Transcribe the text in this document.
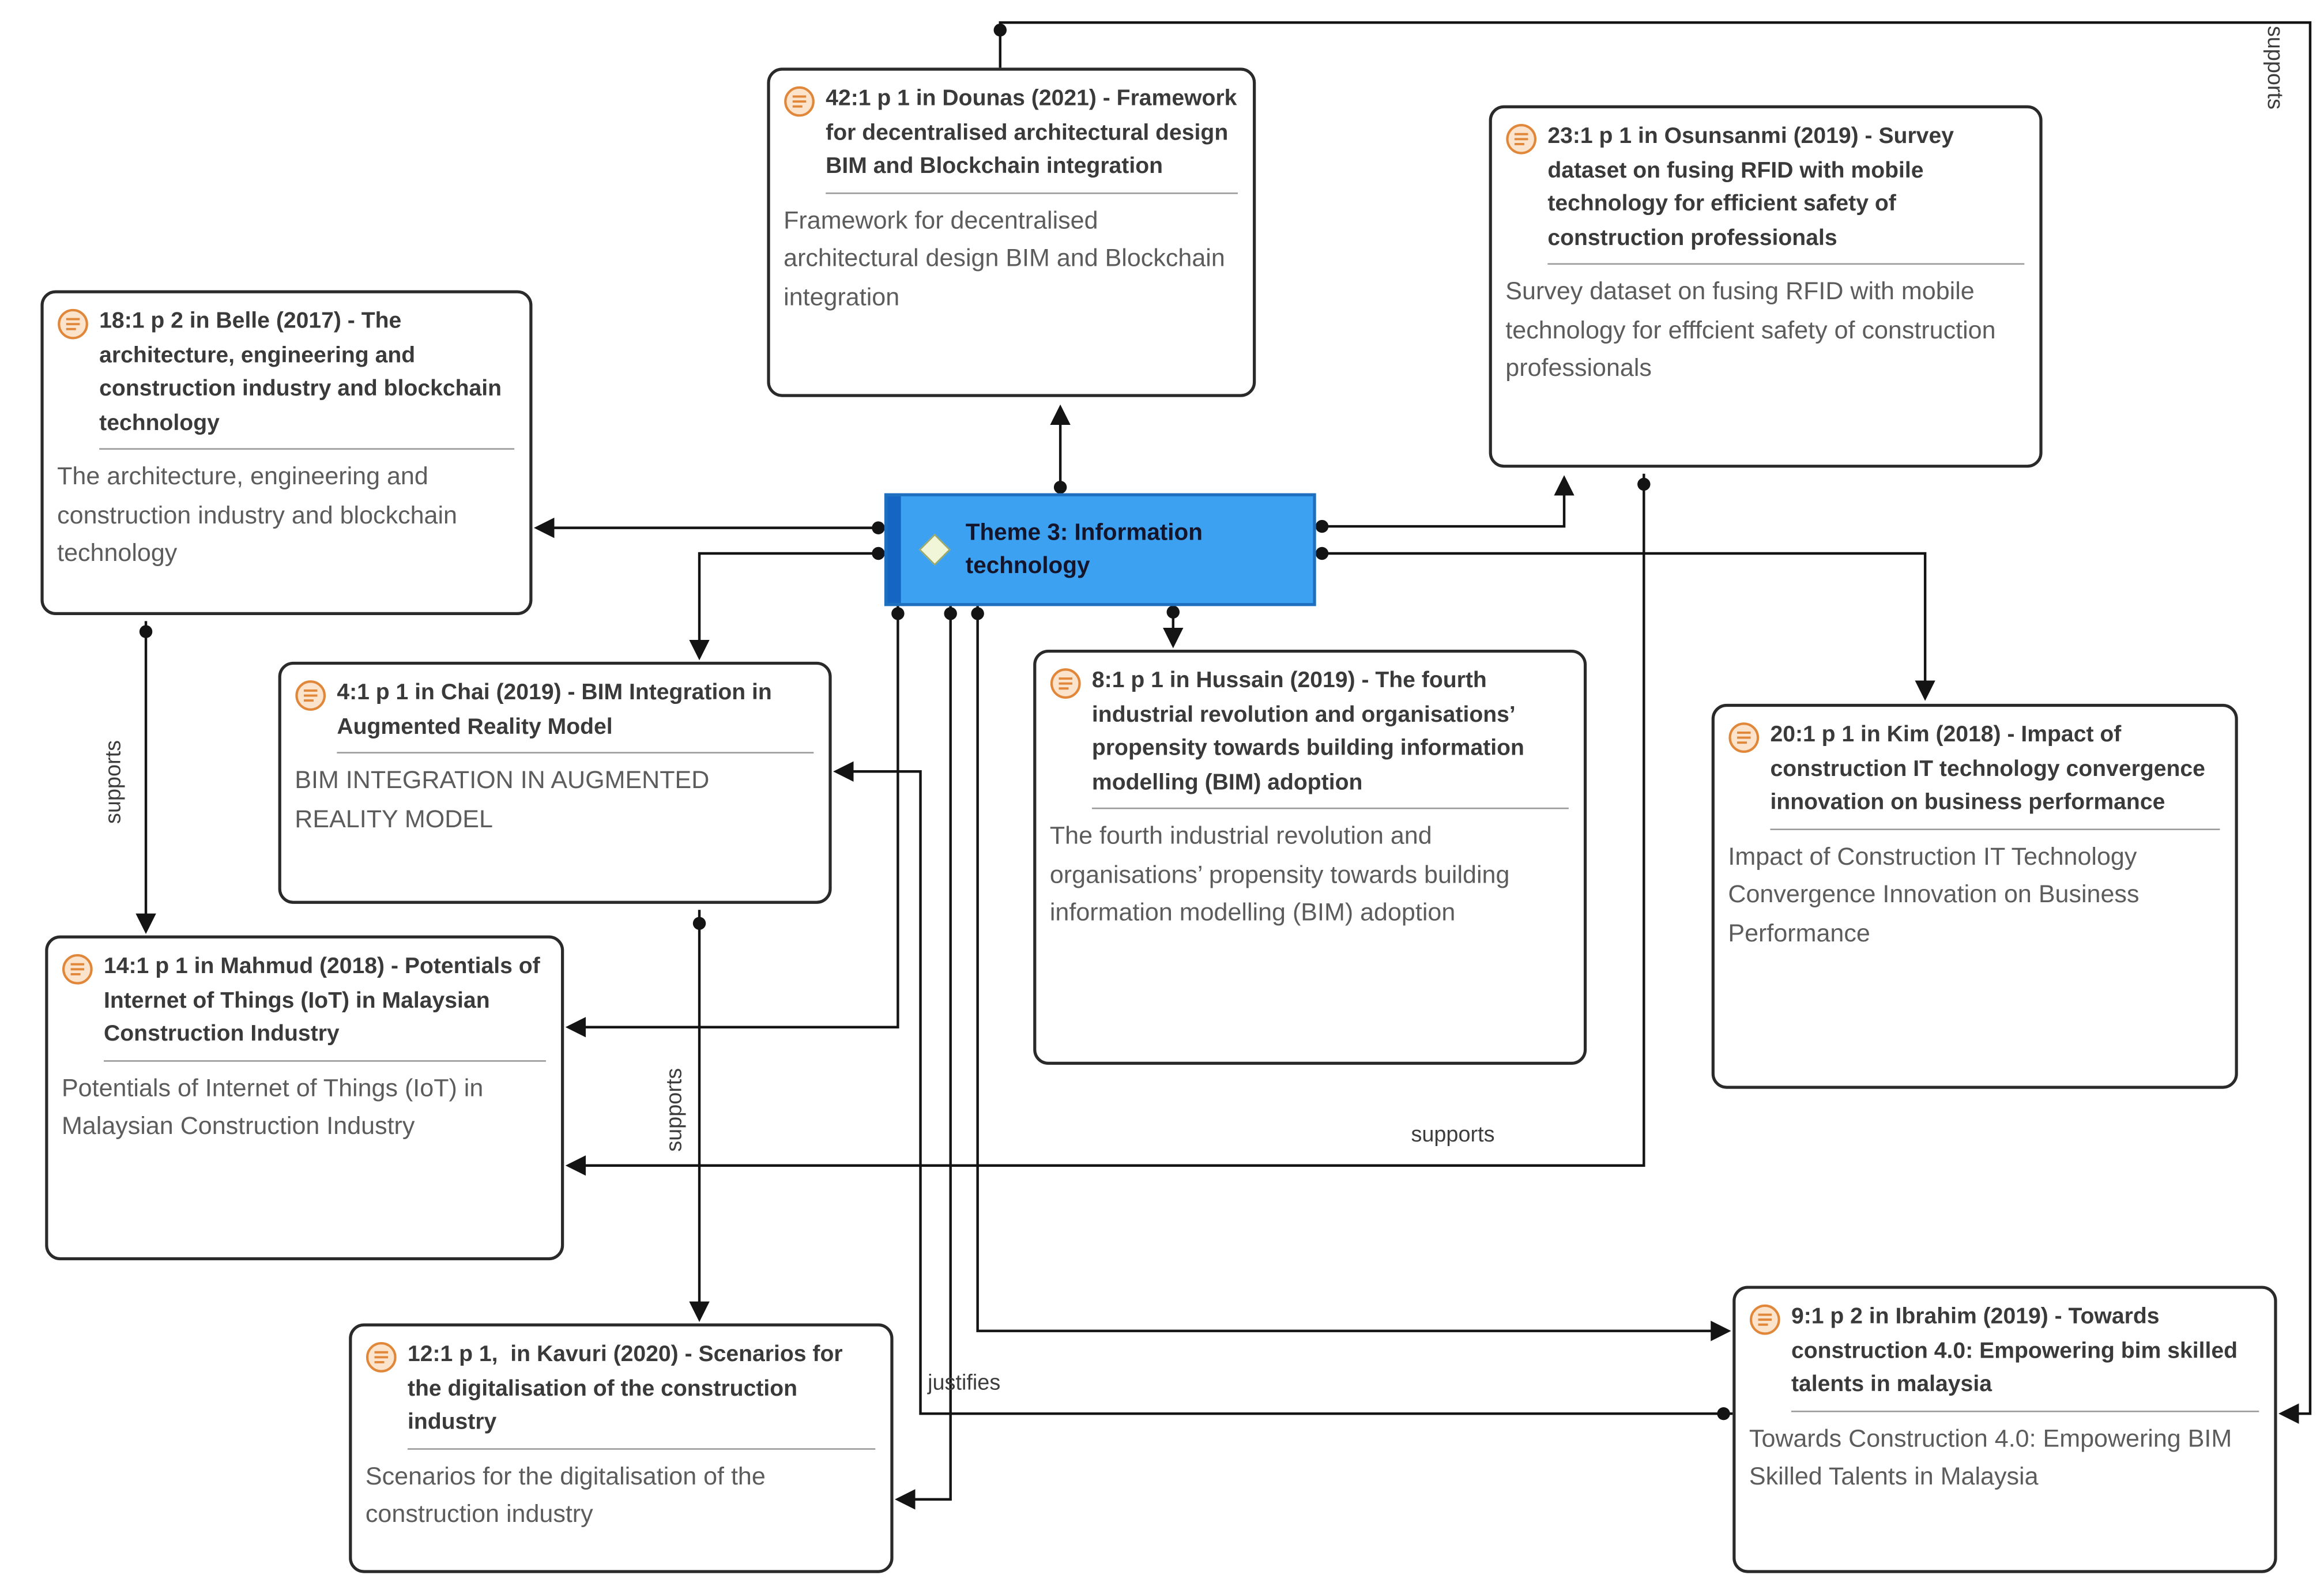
supports
supports	supports
supports
justifies
Theme 3: Information technology
18:1 p 2 in Belle (2017) - The architecture, engineering and construction industry and blockchain technology
The architecture, engineering and construction industry and blockchain technology
42:1 p 1 in Dounas (2021) - Framework for decentralised architectural design BIM and Blockchain integration
Framework for decentralised architectural design BIM and Blockchain integration
23:1 p 1 in Osunsanmi (2019) - Survey dataset on fusing RFID with mobile technology for efficient safety of construction professionals
Survey dataset on fusing RFID with mobile  technology for efffcient safety of construction  professionals
4:1 p 1 in Chai (2019) - BIM Integration in Augmented Reality Model
BIM INTEGRATION IN AUGMENTED REALITY MODEL
8:1 p 1 in Hussain (2019) - The fourth industrial revolution and organisations’ propensity towards building information modelling (BIM) adoption
The fourth industrial revolution and organisations’ propensity towards building information modelling (BIM) adoption
20:1 p 1 in Kim (2018) - Impact of construction IT technology convergence innovation on business performance
Impact of Construction IT Technology Convergence Innovation on Business Performance
14:1 p 1 in Mahmud (2018) - Potentials of Internet of Things (IoT) in Malaysian Construction Industry
Potentials of Internet of Things (IoT) in   Malaysian Construction Industry
12:1 p 1,  in Kavuri (2020) - Scenarios for the digitalisation of the construction industry
Scenarios for the digitalisation of the construction industry
9:1 p 2 in Ibrahim (2019) - Towards construction 4.0: Empowering bim skilled talents in malaysia
Towards Construction 4.0: Empowering BIM  Skilled Talents in Malaysia
